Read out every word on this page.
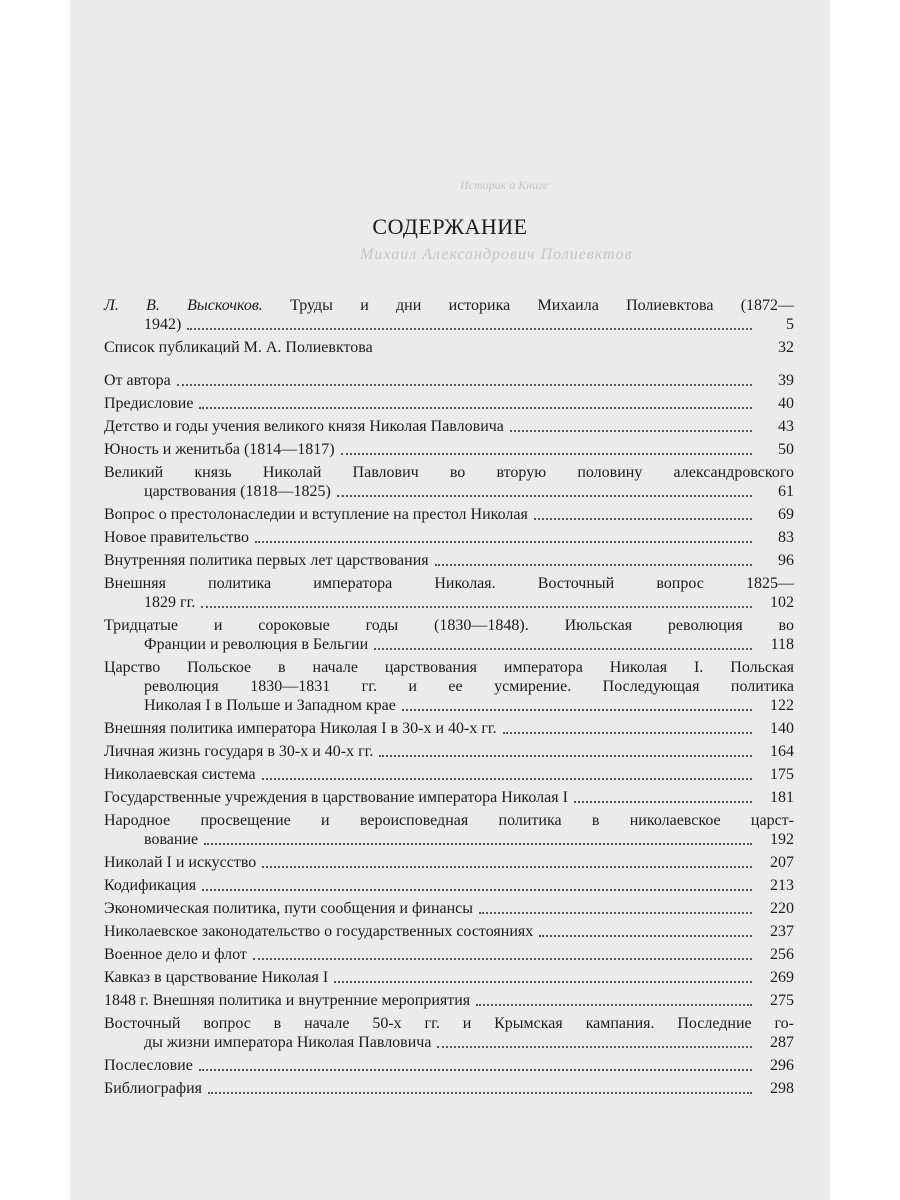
Историк о Книге
Михаил Александрович Полиевктов
СОДЕРЖАНИЕ
Л. В. Выскочков. Труды и дни историка Михаила Полиевктова (1872—
1942)	5
Список публикаций М. А. Полиевктова	32
От автора	39
Предисловие	40
Детство и годы учения великого князя Николая Павловича	43
Юность и женитьба (1814—1817)	50
Великий князь Николай Павлович во вторую половину александровского
царствования (1818—1825)	61
Вопрос о престолонаследии и вступление на престол Николая	69
Новое правительство	83
Внутренняя политика первых лет царствования	96
Внешняя политика императора Николая. Восточный вопрос 1825—
1829 гг.	102
Тридцатые и сороковые годы (1830—1848). Июльская революция во
Франции и революция в Бельгии	118
Царство Польское в начале царствования императора Николая I. Польская
революция 1830—1831 гг. и ее усмирение. Последующая политика
Николая I в Польше и Западном крае	122
Внешняя политика императора Николая I в 30-х и 40-х гг.	140
Личная жизнь государя в 30-х и 40-х гг.	164
Николаевская система	175
Государственные учреждения в царствование императора Николая I	181
Народное просвещение и вероисповедная политика в николаевское царст-
вование	192
Николай I и искусство	207
Кодификация	213
Экономическая политика, пути сообщения и финансы	220
Николаевское законодательство о государственных состояниях	237
Военное дело и флот	256
Кавказ в царствование Николая I	269
1848 г. Внешняя политика и внутренние мероприятия	275
Восточный вопрос в начале 50-х гг. и Крымская кампания. Последние го-
ды жизни императора Николая Павловича	287
Послесловие	296
Библиография	298
